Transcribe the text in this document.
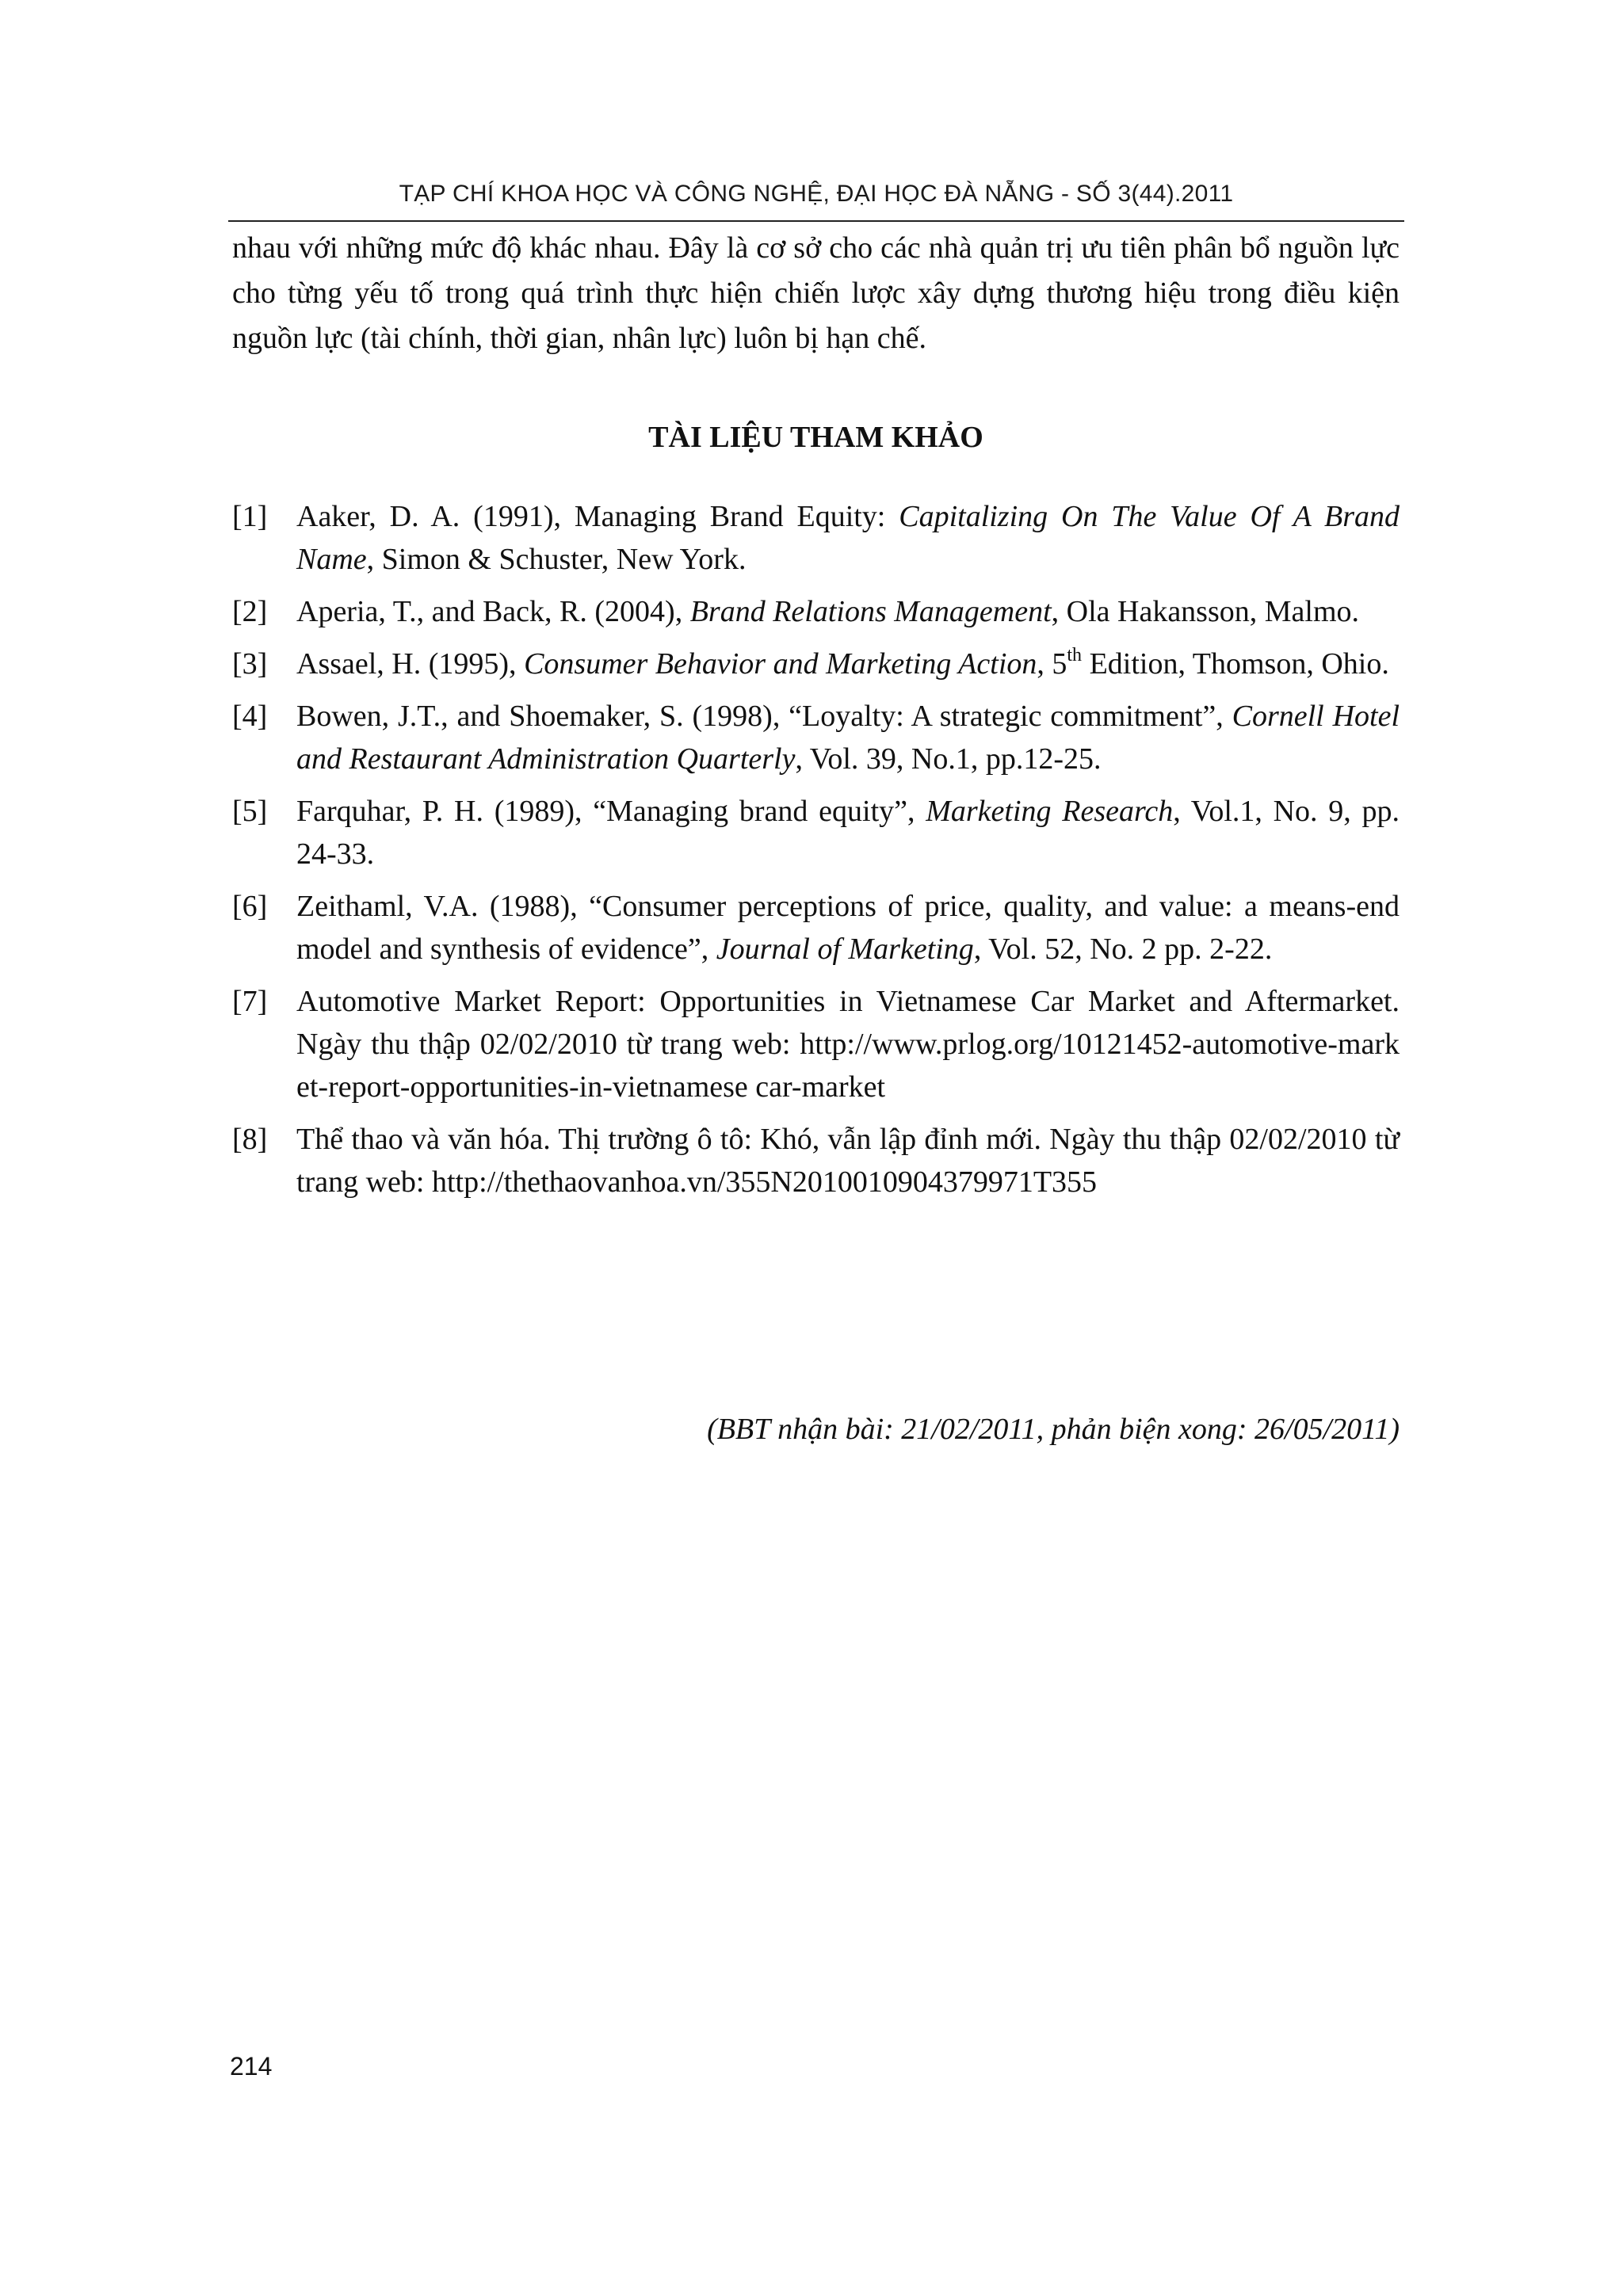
TẠP CHÍ KHOA HỌC VÀ CÔNG NGHỆ, ĐẠI HỌC ĐÀ NẴNG - SỐ 3(44).2011

nhau với những mức độ khác nhau. Đây là cơ sở cho các nhà quản trị ưu tiên phân bổ nguồn lực cho từng yếu tố trong quá trình thực hiện chiến lược xây dựng thương hiệu trong điều kiện nguồn lực (tài chính, thời gian, nhân lực) luôn bị hạn chế.

TÀI LIỆU THAM KHẢO
[1] Aaker, D. A. (1991), Managing Brand Equity: Capitalizing On The Value Of A Brand Name, Simon & Schuster, New York.
[2] Aperia, T., and Back, R. (2004), Brand Relations Management, Ola Hakansson, Malmo.
[3] Assael, H. (1995), Consumer Behavior and Marketing Action, 5th Edition, Thomson, Ohio.
[4] Bowen, J.T., and Shoemaker, S. (1998), “Loyalty: A strategic commitment”, Cornell Hotel and Restaurant Administration Quarterly, Vol. 39, No.1, pp.12-25.
[5] Farquhar, P. H. (1989), “Managing brand equity”, Marketing Research, Vol.1, No. 9, pp. 24-33.
[6] Zeithaml, V.A. (1988), “Consumer perceptions of price, quality, and value: a means-end model and synthesis of evidence”, Journal of Marketing, Vol. 52, No. 2 pp. 2-22.
[7] Automotive Market Report: Opportunities in Vietnamese Car Market and Aftermarket. Ngày thu thập 02/02/2010 từ trang web: http://www.prlog.org/10121452-automotive-market-report-opportunities-in-vietnamese car-market
[8] Thể thao và văn hóa. Thị trường ô tô: Khó, vẫn lập đỉnh mới. Ngày thu thập 02/02/2010 từ trang web: http://thethaovanhoa.vn/355N2010010904379971T355
(BBT nhận bài: 21/02/2011, phản biện xong: 26/05/2011)
214
